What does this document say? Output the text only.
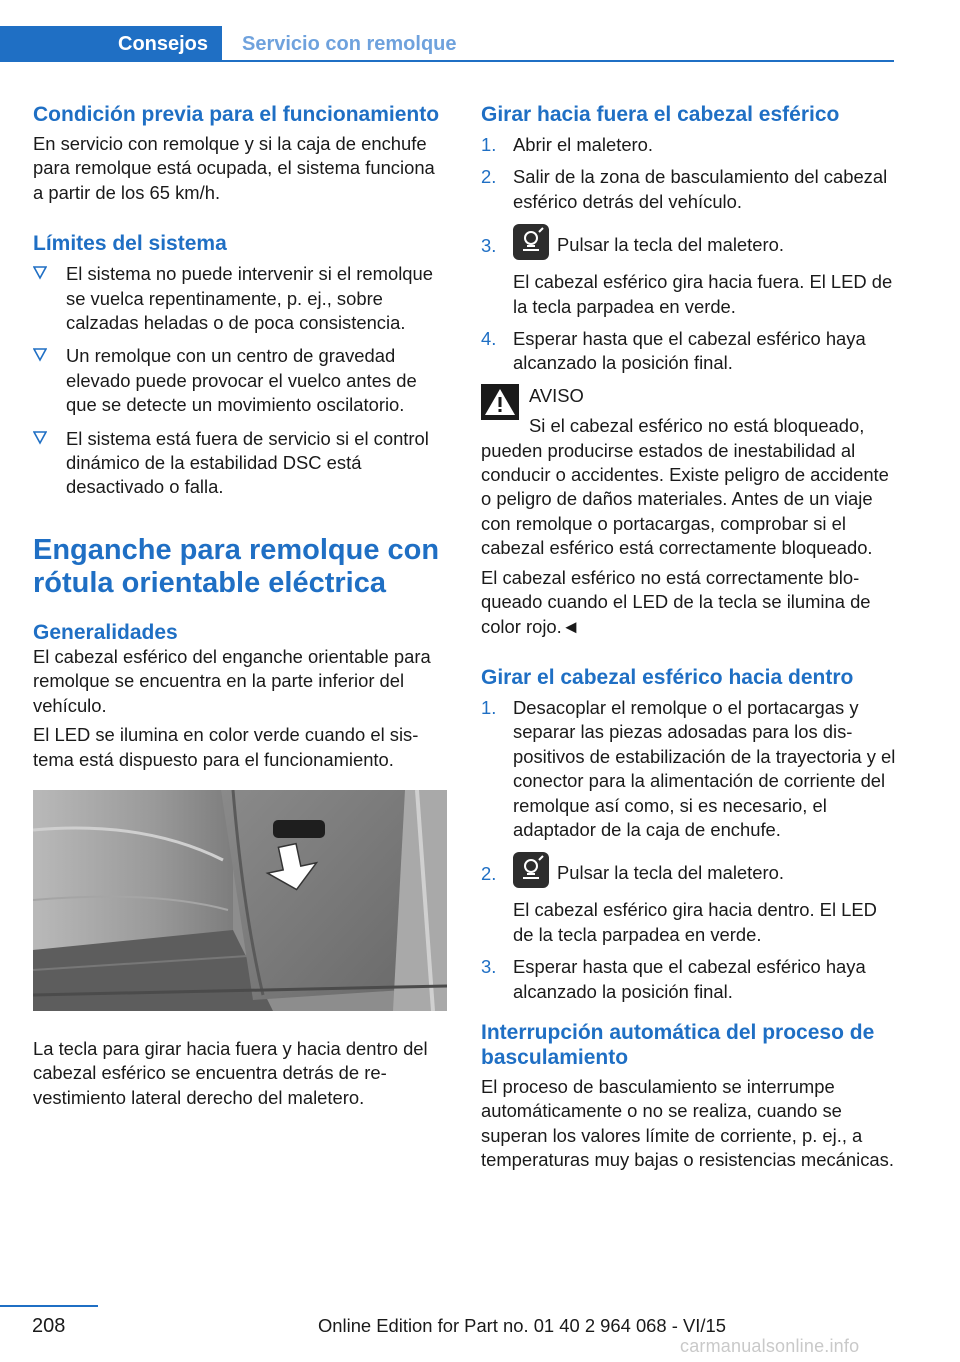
Consejos	Servicio con remolque
Condición previa para el funcionamiento

En servicio con remolque y si la caja de enchufe para remolque está ocupada, el sistema funciona a partir de los 65 km/h.

Límites del sistema
El sistema no puede intervenir si el remolque se vuelca repentinamente, p. ej., sobre calzadas heladas o de poca consistencia.
Un remolque con un centro de gravedad elevado puede provocar el vuelco antes de que se detecte un movimiento oscilatorio.
El sistema está fuera de servicio si el control dinámico de la estabilidad DSC está desactivado o falla.
Enganche para remolque con rótula orientable eléctrica
Generalidades

El cabezal esférico del enganche orientable para remolque se encuentra en la parte inferior del vehículo.

El LED se ilumina en color verde cuando el sistema está dispuesto para el funcionamiento.

La tecla para girar hacia fuera y hacia dentro del cabezal esférico se encuentra detrás de revestimiento lateral derecho del maletero.

Girar hacia fuera el cabezal esférico
1. Abrir el maletero.
2. Salir de la zona de basculamiento del cabezal esférico detrás del vehículo.
3.	Pulsar la tecla del maletero.
El cabezal esférico gira hacia fuera. El LED de la tecla parpadea en verde.
4. Esperar hasta que el cabezal esférico haya alcanzado la posición final.
AVISO

Si el cabezal esférico no está bloqueado,

pueden producirse estados de inestabilidad al conducir o accidentes. Existe peligro de accidente o peligro de daños materiales. Antes de un viaje con remolque o portacargas, comprobar si el cabezal esférico está correctamente bloqueado.

El cabezal esférico no está correctamente bloqueado cuando el LED de la tecla se ilumina de color rojo.◄

Girar el cabezal esférico hacia dentro
1. Desacoplar el remolque o el portacargas y separar las piezas adosadas para los dispositivos de estabilización de la trayectoria y el conector para la alimentación de corriente del remolque así como, si es necesario, el adaptador de la caja de enchufe.
2.	Pulsar la tecla del maletero.
El cabezal esférico gira hacia dentro. El LED de la tecla parpadea en verde.
3. Esperar hasta que el cabezal esférico haya alcanzado la posición final.
Interrupción automática del proceso de basculamiento

El proceso de basculamiento se interrumpe automáticamente o no se realiza, cuando se superan los valores límite de corriente, p. ej., a temperaturas muy bajas o resistencias mecánicas.

208	Online Edition for Part no. 01 40 2 964 068 - VI/15
carmanualsonline.info
